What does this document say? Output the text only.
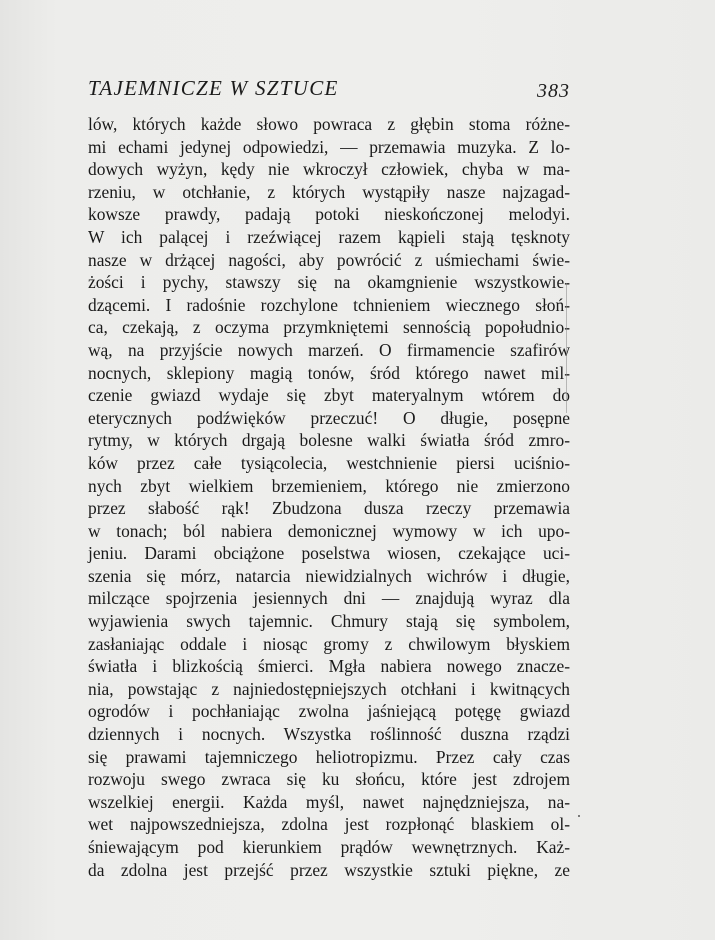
TAJEMNICZE W SZTUCE	383
lów, których każde słowo powraca z głębin stoma różne-
mi echami jedynej odpowiedzi, — przemawia muzyka. Z lo-
dowych wyżyn, kędy nie wkroczył człowiek, chyba w ma-
rzeniu, w otchłanie, z których wystąpiły nasze najzagad-
kowsze prawdy, padają potoki nieskończonej melodyi.
W ich palącej i rzeźwiącej razem kąpieli stają tęsknoty
nasze w drżącej nagości, aby powrócić z uśmiechami świe-
żości i pychy, stawszy się na okamgnienie wszystkowie-
dzącemi. I radośnie rozchylone tchnieniem wiecznego słoń-
ca, czekają, z oczyma przymkniętemi sennością popołudnio-
wą, na przyjście nowych marzeń. O firmamencie szafirów
nocnych, sklepiony magią tonów, śród którego nawet mil-
czenie gwiazd wydaje się zbyt materyalnym wtórem do
eterycznych podźwięków przeczuć! O długie, posępne
rytmy, w których drgają bolesne walki światła śród zmro-
ków przez całe tysiącolecia, westchnienie piersi uciśnio-
nych zbyt wielkiem brzemieniem, którego nie zmierzono
przez słabość rąk! Zbudzona dusza rzeczy przemawia
w tonach; ból nabiera demonicznej wymowy w ich upo-
jeniu. Darami obciążone poselstwa wiosen, czekające uci-
szenia się mórz, natarcia niewidzialnych wichrów i długie,
milczące spojrzenia jesiennych dni — znajdują wyraz dla
wyjawienia swych tajemnic. Chmury stają się symbolem,
zasłaniając oddale i niosąc gromy z chwilowym błyskiem
światła i blizkością śmierci. Mgła nabiera nowego znacze-
nia, powstając z najniedostępniejszych otchłani i kwitnących
ogrodów i pochłaniając zwolna jaśniejącą potęgę gwiazd
dziennych i nocnych. Wszystka roślinność duszna rządzi
się prawami tajemniczego heliotropizmu. Przez cały czas
rozwoju swego zwraca się ku słońcu, które jest zdrojem
wszelkiej energii. Każda myśl, nawet najnędzniejsza, na-
wet najpowszedniejsza, zdolna jest rozpłonąć blaskiem ol-
śniewającym pod kierunkiem prądów wewnętrznych. Każ-
da zdolna jest przejść przez wszystkie sztuki piękne, ze
